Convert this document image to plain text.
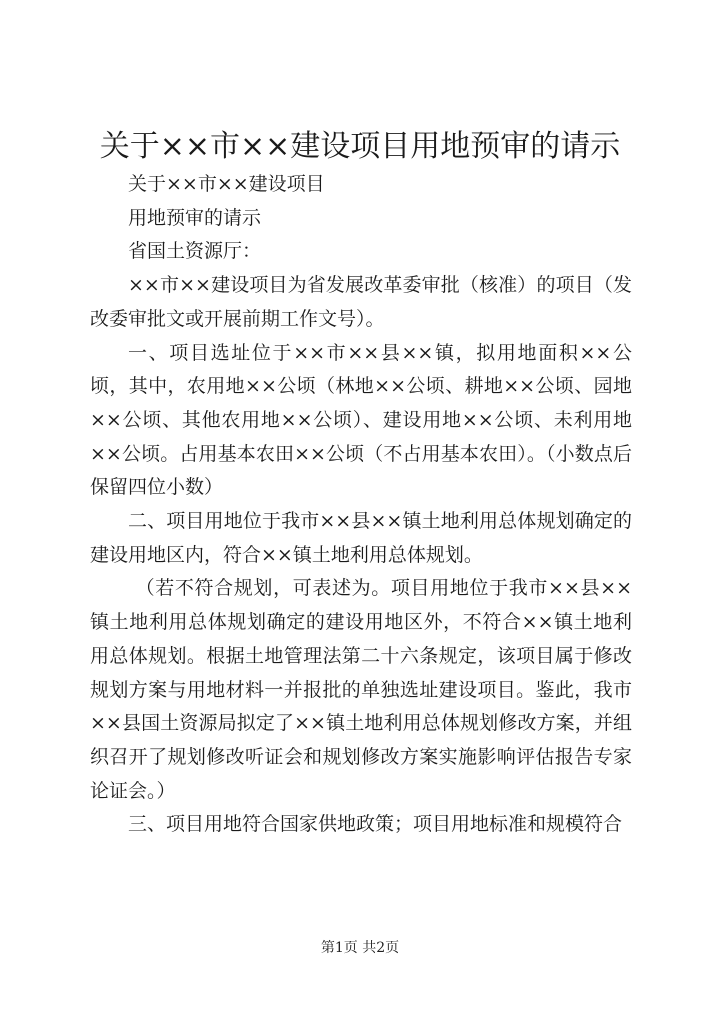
关于××市××建设项目用地预审的请示

关于××市××建设项目

用地预审的请示

省国土资源厅：

××市××建设项目为省发展改革委审批（核准）的项目（发改委审批文或开展前期工作文号）。

一、项目选址位于××市××县××镇，拟用地面积××公顷，其中，农用地××公顷（林地××公顷、耕地××公顷、园地××公顷、其他农用地××公顷）、建设用地××公顷、未利用地××公顷。占用基本农田××公顷（不占用基本农田）。（小数点后保留四位小数）

二、项目用地位于我市××县××镇土地利用总体规划确定的建设用地区内，符合××镇土地利用总体规划。

（若不符合规划，可表述为。项目用地位于我市××县××镇土地利用总体规划确定的建设用地区外，不符合××镇土地利用总体规划。根据土地管理法第二十六条规定，该项目属于修改规划方案与用地材料一并报批的单独选址建设项目。鉴此，我市××县国土资源局拟定了××镇土地利用总体规划修改方案，并组织召开了规划修改听证会和规划修改方案实施影响评估报告专家论证会。）

三、项目用地符合国家供地政策；项目用地标准和规模符合

第1页 共2页
